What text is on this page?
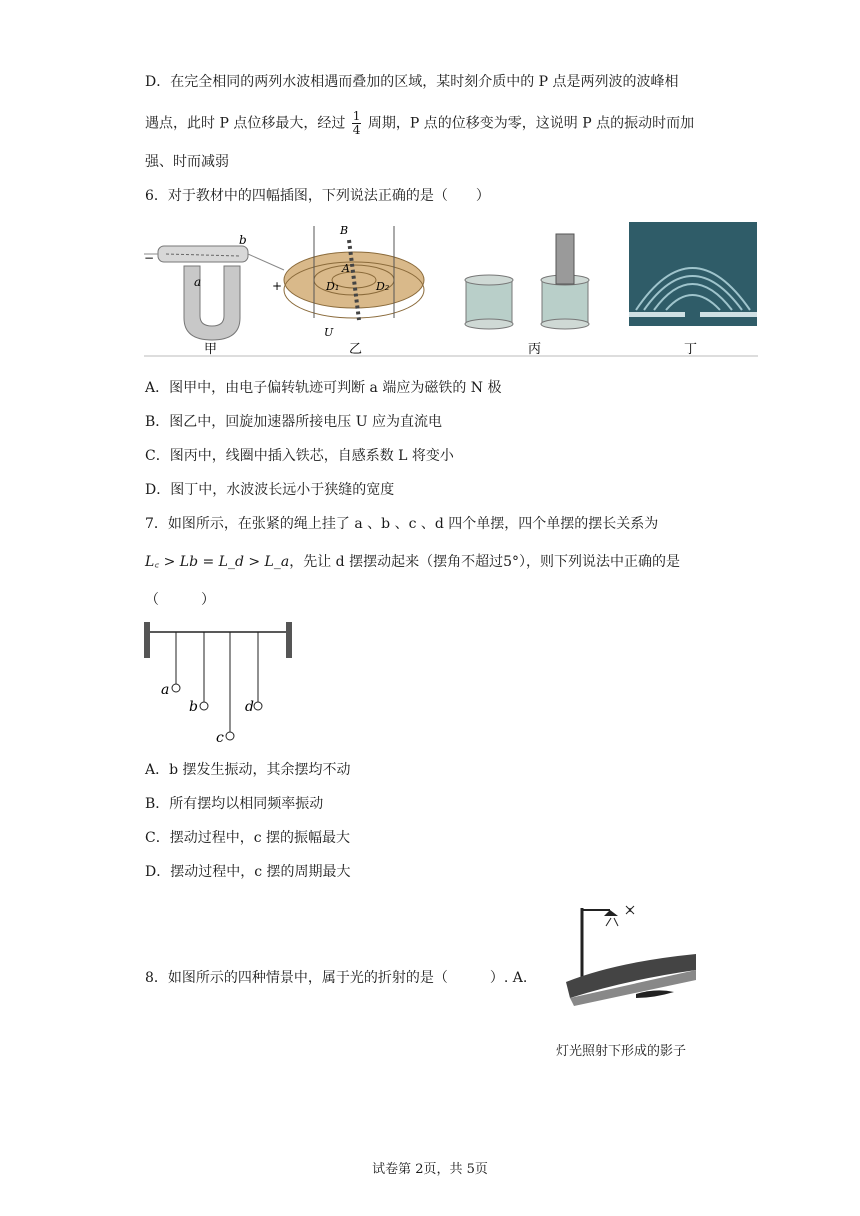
D．在完全相同的两列水波相遇而叠加的区域，某时刻介质中的 P 点是两列波的波峰相
遇点，此时 P 点位移最大，经过 $\frac{1}{4}$ 周期，P 点的位移变为零，这说明 P 点的振动时而加
强、时而减弱
6．对于教材中的四幅插图，下列说法正确的是（　　）
b
a
−
+
甲
B
A
D₁	D₂
U
乙	丙	丁
A．图甲中，由电子偏转轨迹可判断 a 端应为磁铁的 N 极
B．图乙中，回旋加速器所接电压 U 应为直流电
C．图丙中，线圈中插入铁芯，自感系数 L 将变小
D．图丁中，水波波长远小于狭缝的宽度
7．如图所示，在张紧的绳上挂了 a 、b 、c 、d 四个单摆，四个单摆的摆长关系为
L꜀ > Lb = L_d > L_a，先让 d 摆摆动起来（摆角不超过5°），则下列说法中正确的是
（　　　）
a
b
c
d
A．b 摆发生振动，其余摆均不动
B．所有摆均以相同频率振动
C．摆动过程中，c 摆的振幅最大
D．摆动过程中，c 摆的周期最大
8．如图所示的四种情景中，属于光的折射的是（　　　）. A.
灯光照射下形成的影子
试卷第 2页，共 5页
